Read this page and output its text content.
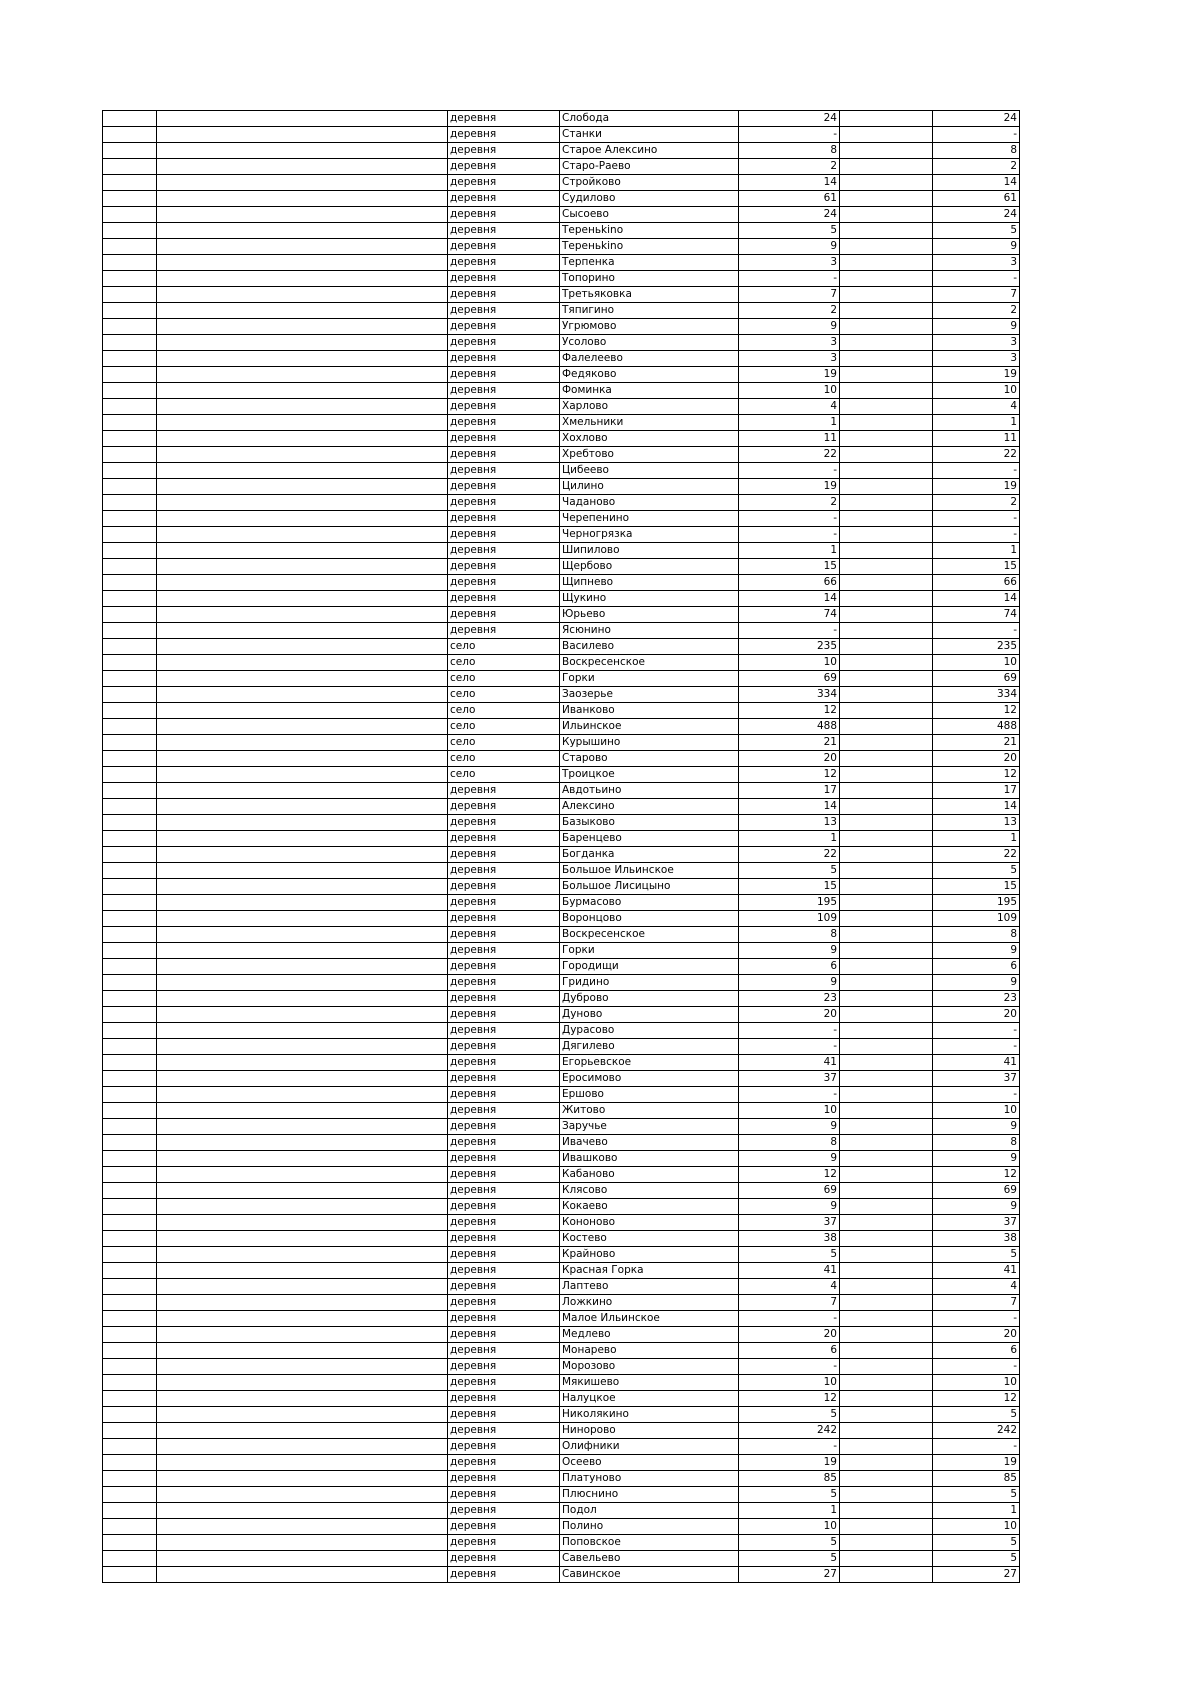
		деревня	Слобода	24		24
		деревня	Станки	-		-
		деревня	Старое Алексино	8		8
		деревня	Старо-Раево	2		2
		деревня	Стройково	14		14
		деревня	Судилово	61		61
		деревня	Сысоево	24		24
		деревня	Тереньkino	5		5
		деревня	Тереньkino	9		9
		деревня	Терпенка	3		3
		деревня	Топорино	-		-
		деревня	Третьяковка	7		7
		деревня	Тяпигино	2		2
		деревня	Угрюмово	9		9
		деревня	Усолово	3		3
		деревня	Фалелеево	3		3
		деревня	Федяково	19		19
		деревня	Фоминка	10		10
		деревня	Харлово	4		4
		деревня	Хмельники	1		1
		деревня	Хохлово	11		11
		деревня	Хребтово	22		22
		деревня	Цибеево	-		-
		деревня	Цилино	19		19
		деревня	Чаданово	2		2
		деревня	Черепенино	-		-
		деревня	Черногрязка	-		-
		деревня	Шипилово	1		1
		деревня	Щербово	15		15
		деревня	Щипнево	66		66
		деревня	Щукино	14		14
		деревня	Юрьево	74		74
		деревня	Ясюнино	-		-
		село	Василево	235		235
		село	Воскресенское	10		10
		село	Горки	69		69
		село	Заозерье	334		334
		село	Иванково	12		12
		село	Ильинское	488		488
		село	Курышино	21		21
		село	Старово	20		20
		село	Троицкое	12		12
		деревня	Авдотьино	17		17
		деревня	Алексино	14		14
		деревня	Базыково	13		13
		деревня	Баренцево	1		1
		деревня	Богданка	22		22
		деревня	Большое Ильинское	5		5
		деревня	Большое Лисицыно	15		15
		деревня	Бурмасово	195		195
		деревня	Воронцово	109		109
		деревня	Воскресенское	8		8
		деревня	Горки	9		9
		деревня	Городищи	6		6
		деревня	Гридино	9		9
		деревня	Дуброво	23		23
		деревня	Дуново	20		20
		деревня	Дурасово	-		-
		деревня	Дягилево	-		-
		деревня	Егорьевское	41		41
		деревня	Еросимово	37		37
		деревня	Ершово	-		-
		деревня	Житово	10		10
		деревня	Заручье	9		9
		деревня	Ивачево	8		8
		деревня	Ивашково	9		9
		деревня	Кабаново	12		12
		деревня	Клясово	69		69
		деревня	Кокаево	9		9
		деревня	Кононово	37		37
		деревня	Костево	38		38
		деревня	Крайново	5		5
		деревня	Красная Горка	41		41
		деревня	Лаптево	4		4
		деревня	Ложкино	7		7
		деревня	Малое Ильинское	-		-
		деревня	Медлево	20		20
		деревня	Монарево	6		6
		деревня	Морозово	-		-
		деревня	Мякишево	10		10
		деревня	Налуцкое	12		12
		деревня	Николякино	5		5
		деревня	Нинорово	242		242
		деревня	Олифники	-		-
		деревня	Осеево	19		19
		деревня	Платуново	85		85
		деревня	Плюснино	5		5
		деревня	Подол	1		1
		деревня	Полино	10		10
		деревня	Поповское	5		5
		деревня	Савельево	5		5
		деревня	Савинское	27		27
